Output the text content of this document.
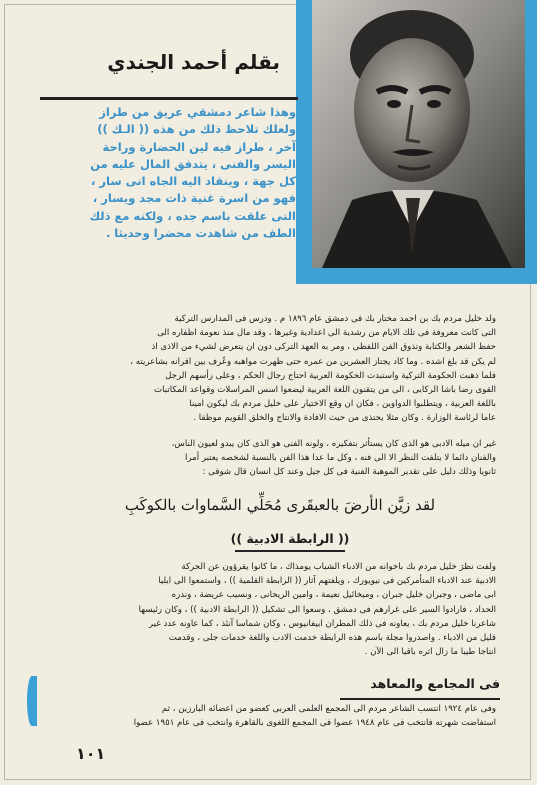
بقلم أحمد الجندي

وهذا شاعر دمشقي عريق من طراز

ولعلك تلاحظ ذلك من هذه (( الـك ))

آخر ، طراز فيه لين الحضارة وراحة

اليسر والفنى ، يتدفق المال عليه من

كل جهة ، وينقاد اليه الجاه انى سار ،

فهو من اسرة غنية ذات مجد ويسار ،

التى علقت باسم جده ، ولكنه مع ذلك

الطف من شاهدت محضرا وحديثا .

ولد خليل مردم بك بن احمد مختار بك فى دمشق عام ١٨٩٦ م . ودرس فى المدارس التركية

التى كانت معروفة فى تلك الايام من رشدية الى اعدادية وغيرها ، وقد مال منذ نعومة اظفاره الى

حفظ الشعر والكتابة وتذوق الفن اللفظى ، ومر به العهد التركى دون ان يتعرض لشيء من الاذى اذ

لم يكن قد بلغ اشده . وما كاد يجتاز العشرين من عمره حتى ظهرت مواهبه وعُرف بين اقرانه بشاعريته ،

فلما ذهبت الحكومة التركية واستبدت الحكومة العربية احتاج رجال الحكم ، وعلى رأسهم الرجل

القوى رضا باشا الركابى ، الى من يتقنون اللغة العربية ليضعوا اسس المراسلات وقواعد المكاتبات

باللغة العربية ، ويتطلبوا الدواوين ، فكان ان وقع الاختيار على خليل مردم بك ليكون امينا

عاما لرئاسة الوزارة . وكان مثلا يحتذى من حيث الافادة والانتاج والخلق القويم موظفا .

غير ان ميله الادبى هو الذى كان يستأثر بتفكيره ، ولونه الفنى هو الذى كان يبدو لعيون الناس،

والفنان دائما لا يتلفت النظر الا الى فنه ، وكل ما عدا هذا الفن بالنسبة لشخصه يعتبر أمرا

ثانويا وذلك دليل على تقدير الموهبة الفنية فى كل جيل وعند كل انسان قال شوقى :

لقد زيَّن الأرضَ بالعبقَرى مُحَلِّي السَّماوات بالكوكَبِ
(( الرابطة الادبية ))

ولفت نظرَ خليل مردم بك باخوانه من الادباء الشباب يومذاك ، ما كانوا يقرؤون عن الحركة

الادبية عند الادباء المتأمركين فى نيويورك ، ويلفتهم آثار (( الرابطة القلمية )) ، واستمعوا الى ايليا

ابى ماضى ، وجبران خليل جبران ، وميخائيل نعيمة ، وامين الريحانى ، ونسيب عريضة ، وندره

الحداد ، فارادوا السير على غرارهم فى دمشق ، وسعوا الى تشكيل (( الرابطة الادبية )) ، وكان رئيسها

شاعرنا خليل مردم بك ، يعاونه فى ذلك المطران ابيفانيوس ، وكان شماسا آنئذ ، كما عاونه عدد غير

قليل من الادباء . واصدروا مجلة باسم هذه الرابطة خدمت الادب واللغة خدمات جلى ، وقدمت

انتاجا طيبا ما زال اثره باقيا الى الآن .

فى المجامع والمعاهد

وفى عام ١٩٢٤ انتسب الشاعر مردم الى المجمع العلمى العربى كعضو من اعضائه البارزين ، ثم

استفاضت شهرته فانتخب فى عام ١٩٤٨ عضوا فى المجمع اللغوى بالقاهرة وانتخب فى عام ١٩٥١ عضوا

١٠١
